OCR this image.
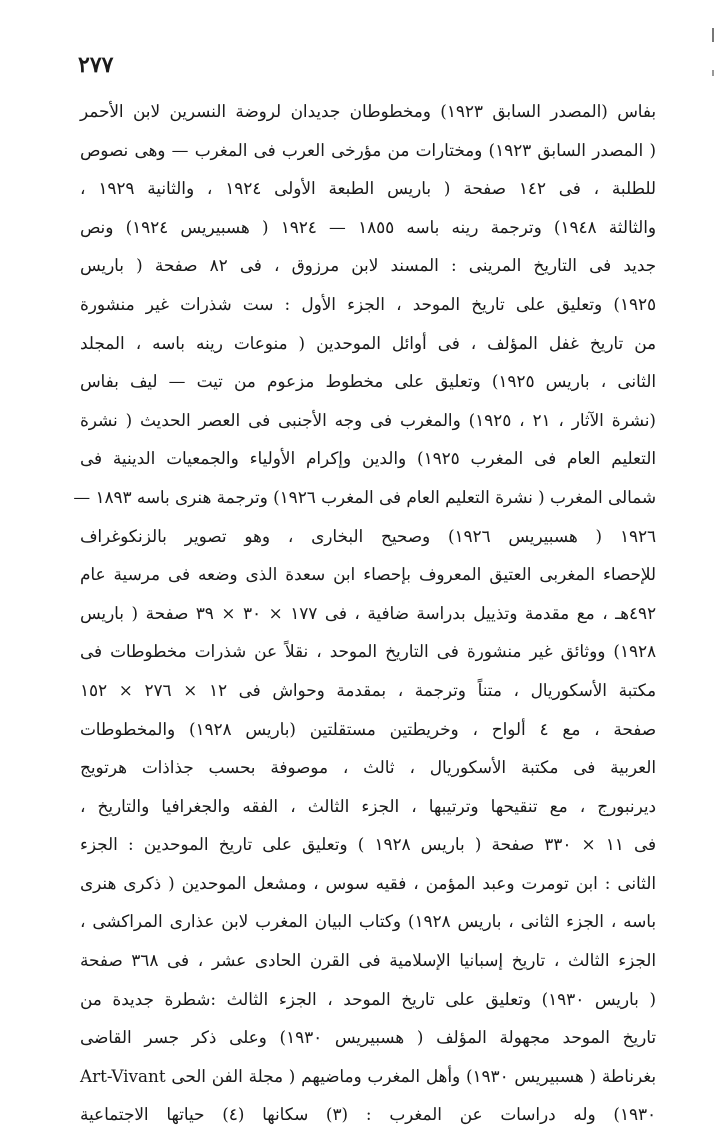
٢٧٧
بفاس (المصدر السابق ١٩٢٣) ومخطوطان جديدان لروضة النسرين لابن الأحمر
( المصدر السابق ١٩٢٣) ومختارات من مؤرخى العرب فى المغرب — وهى نصوص
للطلبة ، فى ١٤٢ صفحة ( باريس الطبعة الأولى ١٩٢٤ ، والثانية ١٩٢٩ ،
والثالثة ١٩٤٨) وترجمة رينه باسه ١٨٥٥ — ١٩٢٤ ( هسبيريس ١٩٢٤) ونص
جديد فى التاريخ المرينى : المسند لابن مرزوق ، فى ٨٢ صفحة ( باريس
١٩٢٥) وتعليق على تاريخ الموحد ، الجزء الأول : ست شذرات غير منشورة
من تاريخ غفل المؤلف ، فى أوائل الموحدين ( منوعات رينه باسه ، المجلد
الثانى ، باريس ١٩٢٥) وتعليق على مخطوط مزعوم من تيت — ليف بفاس
(نشرة الآثار ، ٢١ ، ١٩٢٥) والمغرب فى وجه الأجنبى فى العصر الحديث ( نشرة
التعليم العام فى المغرب ١٩٢٥) والدين وإكرام الأولياء والجمعيات الدينية فى
شمالى المغرب ( نشرة التعليم العام فى المغرب ١٩٢٦) وترجمة هنرى باسه ١٨٩٣ —
١٩٢٦ ( هسبيريس ١٩٢٦) وصحيح البخارى ، وهو تصوير بالزنكوغراف
للإحصاء المغربى العتيق المعروف بإحصاء ابن سعدة الذى وضعه فى مرسية عام
٤٩٢هـ ، مع مقدمة وتذييل بدراسة ضافية ، فى ١٧٧ × ٣٠ × ٣٩ صفحة ( باريس
١٩٢٨) ووثائق غير منشورة فى التاريخ الموحد ، نقلاً عن شذرات مخطوطات فى
مكتبة الأسكوريال ، متناً وترجمة ، بمقدمة وحواش فى ١٢ × ٢٧٦ × ١٥٢
صفحة ، مع ٤ ألواح ، وخريطتين مستقلتين (باريس ١٩٢٨) والمخطوطات
العربية فى مكتبة الأسكوريال ، ثالث ، موصوفة بحسب جذاذات هرتويج
ديرنبورج ، مع تنقيحها وترتيبها ، الجزء الثالث ، الفقه والجغرافيا والتاريخ ،
فى ١١ × ٣٣٠ صفحة ( باريس ١٩٢٨ ) وتعليق على تاريخ الموحدين : الجزء
الثانى : ابن تومرت وعبد المؤمن ، فقيه سوس ، ومشعل الموحدين ( ذكرى هنرى
باسه ، الجزء الثانى ، باريس ١٩٢٨) وكتاب البيان المغرب لابن عذارى المراكشى ،
الجزء الثالث ، تاريخ إسبانيا الإسلامية فى القرن الحادى عشر ، فى ٣٦٨ صفحة
( باريس ١٩٣٠) وتعليق على تاريخ الموحد ، الجزء الثالث :شطرة جديدة من
تاريخ الموحد مجهولة المؤلف ( هسبيريس ١٩٣٠) وعلى ذكر جسر القاضى
بغرناطة ( هسبيريس ١٩٣٠) وأهل المغرب وماضيهم ( مجلة الفن الحى Art-Vivant
١٩٣٠) وله دراسات عن المغرب : (٣) سكانها (٤) حياتها الاجتماعية
